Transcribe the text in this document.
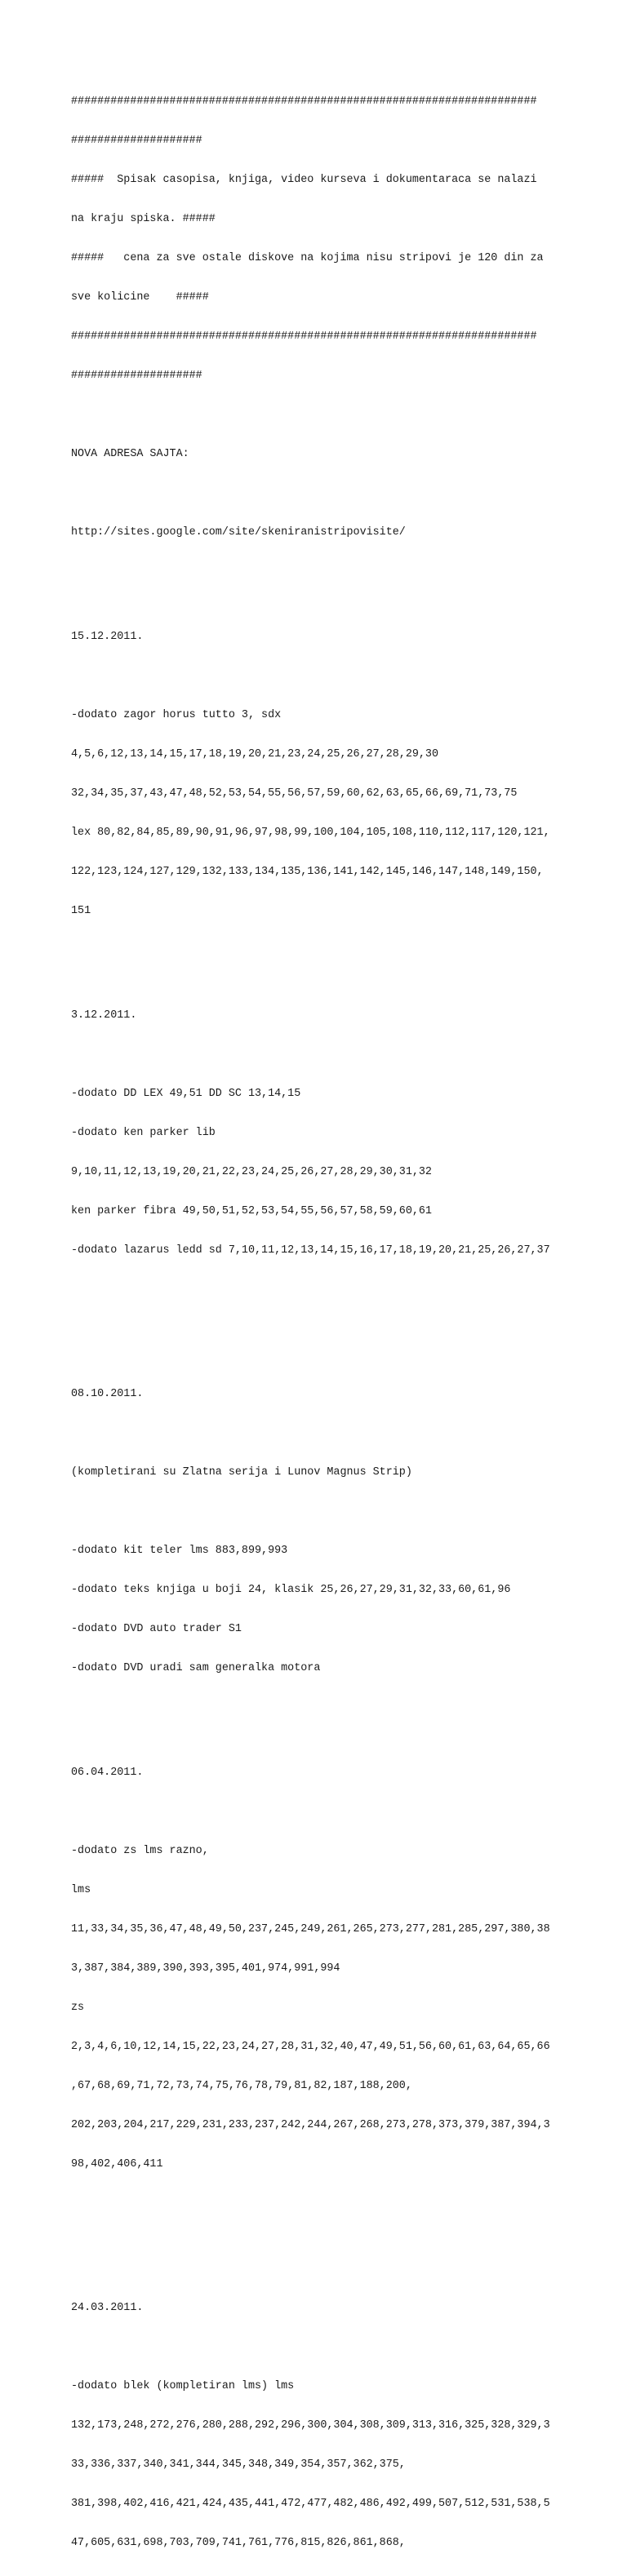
#######################################################################

####################

#####  Spisak casopisa, knjiga, video kurseva i dokumentaraca se nalazi

na kraju spiska. #####

#####   cena za sve ostale diskove na kojima nisu stripovi je 120 din za

sve kolicine    #####

#######################################################################

####################

NOVA ADRESA SAJTA:

http://sites.google.com/site/skeniranistripovisite/

15.12.2011.

-dodato zagor horus tutto 3, sdx

4,5,6,12,13,14,15,17,18,19,20,21,23,24,25,26,27,28,29,30

32,34,35,37,43,47,48,52,53,54,55,56,57,59,60,62,63,65,66,69,71,73,75

lex 80,82,84,85,89,90,91,96,97,98,99,100,104,105,108,110,112,117,120,121,

122,123,124,127,129,132,133,134,135,136,141,142,145,146,147,148,149,150,

151

3.12.2011.

-dodato DD LEX 49,51 DD SC 13,14,15

-dodato ken parker lib

9,10,11,12,13,19,20,21,22,23,24,25,26,27,28,29,30,31,32

ken parker fibra 49,50,51,52,53,54,55,56,57,58,59,60,61

-dodato lazarus ledd sd 7,10,11,12,13,14,15,16,17,18,19,20,21,25,26,27,37

08.10.2011.

(kompletirani su Zlatna serija i Lunov Magnus Strip)

-dodato kit teler lms 883,899,993

-dodato teks knjiga u boji 24, klasik 25,26,27,29,31,32,33,60,61,96

-dodato DVD auto trader S1

-dodato DVD uradi sam generalka motora

06.04.2011.

-dodato zs lms razno,

lms

11,33,34,35,36,47,48,49,50,237,245,249,261,265,273,277,281,285,297,380,38

3,387,384,389,390,393,395,401,974,991,994

zs

2,3,4,6,10,12,14,15,22,23,24,27,28,31,32,40,47,49,51,56,60,61,63,64,65,66

,67,68,69,71,72,73,74,75,76,78,79,81,82,187,188,200,

202,203,204,217,229,231,233,237,242,244,267,268,273,278,373,379,387,394,3

98,402,406,411

24.03.2011.

-dodato blek (kompletiran lms) lms

132,173,248,272,276,280,288,292,296,300,304,308,309,313,316,325,328,329,3

33,336,337,340,341,344,345,348,349,354,357,362,375,

381,398,402,416,421,424,435,441,472,477,482,486,492,499,507,512,531,538,5

47,605,631,698,703,709,741,761,776,815,826,861,868,
